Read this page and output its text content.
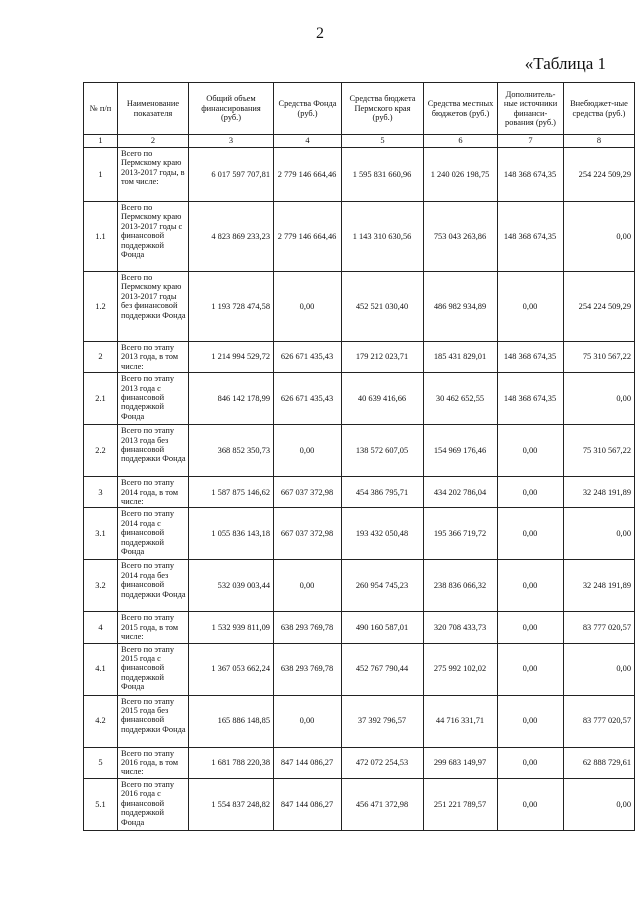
2
«Таблица 1
№ п/п	Наименование показателя	Общий объем финансирования (руб.)	Средства Фонда (руб.)	Средства бюджета Пермского края (руб.)	Средства местных бюджетов (руб.)	Дополнитель-ные источники финанси-рования (руб.)	Внебюджет-ные средства (руб.)
1	2	3	4	5	6	7	8
1	Всего по Пермскому краю 2013-2017 годы, в том числе:	6 017 597 707,81	2 779 146 664,46	1 595 831 660,96	1 240 026 198,75	148 368 674,35	254 224 509,29
1.1	Всего по Пермскому краю 2013-2017 годы с финансовой поддержкой Фонда	4 823 869 233,23	2 779 146 664,46	1 143 310 630,56	753 043 263,86	148 368 674,35	0,00
1.2	Всего по Пермскому краю 2013-2017 годы без финансовой поддержки Фонда	1 193 728 474,58	0,00	452 521 030,40	486 982 934,89	0,00	254 224 509,29
2	Всего по этапу 2013 года, в том числе:	1 214 994 529,72	626 671 435,43	179 212 023,71	185 431 829,01	148 368 674,35	75 310 567,22
2.1	Всего по этапу 2013 года с финансовой поддержкой Фонда	846 142 178,99	626 671 435,43	40 639 416,66	30 462 652,55	148 368 674,35	0,00
2.2	Всего по этапу 2013 года без финансовой поддержки Фонда	368 852 350,73	0,00	138 572 607,05	154 969 176,46	0,00	75 310 567,22
3	Всего по этапу 2014 года, в том числе:	1 587 875 146,62	667 037 372,98	454 386 795,71	434 202 786,04	0,00	32 248 191,89
3.1	Всего по этапу 2014 года с финансовой поддержкой Фонда	1 055 836 143,18	667 037 372,98	193 432 050,48	195 366 719,72	0,00	0,00
3.2	Всего по этапу 2014 года без финансовой поддержки Фонда	532 039 003,44	0,00	260 954 745,23	238 836 066,32	0,00	32 248 191,89
4	Всего по этапу 2015 года, в том числе:	1 532 939 811,09	638 293 769,78	490 160 587,01	320 708 433,73	0,00	83 777 020,57
4.1	Всего по этапу 2015 года с финансовой поддержкой Фонда	1 367 053 662,24	638 293 769,78	452 767 790,44	275 992 102,02	0,00	0,00
4.2	Всего по этапу 2015 года без финансовой поддержки Фонда	165 886 148,85	0,00	37 392 796,57	44 716 331,71	0,00	83 777 020,57
5	Всего по этапу 2016 года, в том числе:	1 681 788 220,38	847 144 086,27	472 072 254,53	299 683 149,97	0,00	62 888 729,61
5.1	Всего по этапу 2016 года с финансовой поддержкой Фонда	1 554 837 248,82	847 144 086,27	456 471 372,98	251 221 789,57	0,00	0,00
